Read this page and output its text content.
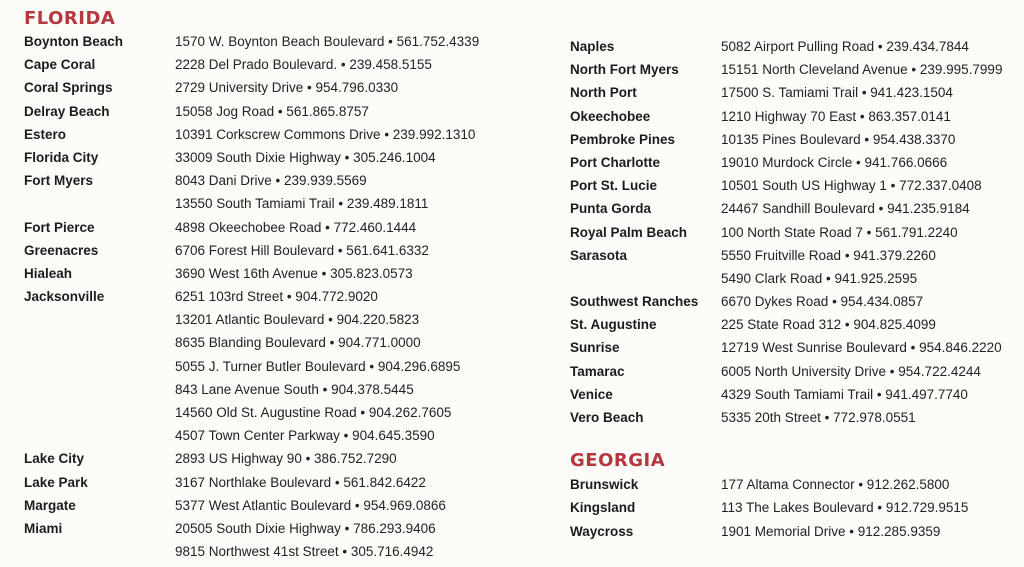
FLORIDA
Boynton Beach	1570 W. Boynton Beach Boulevard • 561.752.4339
Cape Coral	2228 Del Prado Boulevard. • 239.458.5155
Coral Springs	2729 University Drive • 954.796.0330
Delray Beach	15058 Jog Road • 561.865.8757
Estero	10391 Corkscrew Commons Drive • 239.992.1310
Florida City	33009 South Dixie Highway • 305.246.1004
Fort Myers	8043 Dani Drive • 239.939.5569
13550 South Tamiami Trail • 239.489.1811
Fort Pierce	4898 Okeechobee Road • 772.460.1444
Greenacres	6706 Forest Hill Boulevard • 561.641.6332
Hialeah	3690 West 16th Avenue • 305.823.0573
Jacksonville	6251 103rd Street • 904.772.9020
13201 Atlantic Boulevard • 904.220.5823
8635 Blanding Boulevard • 904.771.0000
5055 J. Turner Butler Boulevard • 904.296.6895
843 Lane Avenue South • 904.378.5445
14560 Old St. Augustine Road • 904.262.7605
4507 Town Center Parkway • 904.645.3590
Lake City	2893 US Highway 90 • 386.752.7290
Lake Park	3167 Northlake Boulevard • 561.842.6422
Margate	5377 West Atlantic Boulevard • 954.969.0866
Miami	20505 South Dixie Highway • 786.293.9406
9815 Northwest 41st Street • 305.716.4942
Naples	5082 Airport Pulling Road • 239.434.7844
North Fort Myers	15151 North Cleveland Avenue • 239.995.7999
North Port	17500 S. Tamiami Trail • 941.423.1504
Okeechobee	1210 Highway 70 East • 863.357.0141
Pembroke Pines	10135 Pines Boulevard • 954.438.3370
Port Charlotte	19010 Murdock Circle • 941.766.0666
Port St. Lucie	10501 South US Highway 1 • 772.337.0408
Punta Gorda	24467 Sandhill Boulevard • 941.235.9184
Royal Palm Beach	100 North State Road 7 • 561.791.2240
Sarasota	5550 Fruitville Road • 941.379.2260
5490 Clark Road • 941.925.2595
Southwest Ranches	6670 Dykes Road • 954.434.0857
St. Augustine	225 State Road 312 • 904.825.4099
Sunrise	12719 West Sunrise Boulevard • 954.846.2220
Tamarac	6005 North University Drive • 954.722.4244
Venice	4329 South Tamiami Trail • 941.497.7740
Vero Beach	5335 20th Street • 772.978.0551
GEORGIA
Brunswick	177 Altama Connector • 912.262.5800
Kingsland	113 The Lakes Boulevard • 912.729.9515
Waycross	1901 Memorial Drive • 912.285.9359
